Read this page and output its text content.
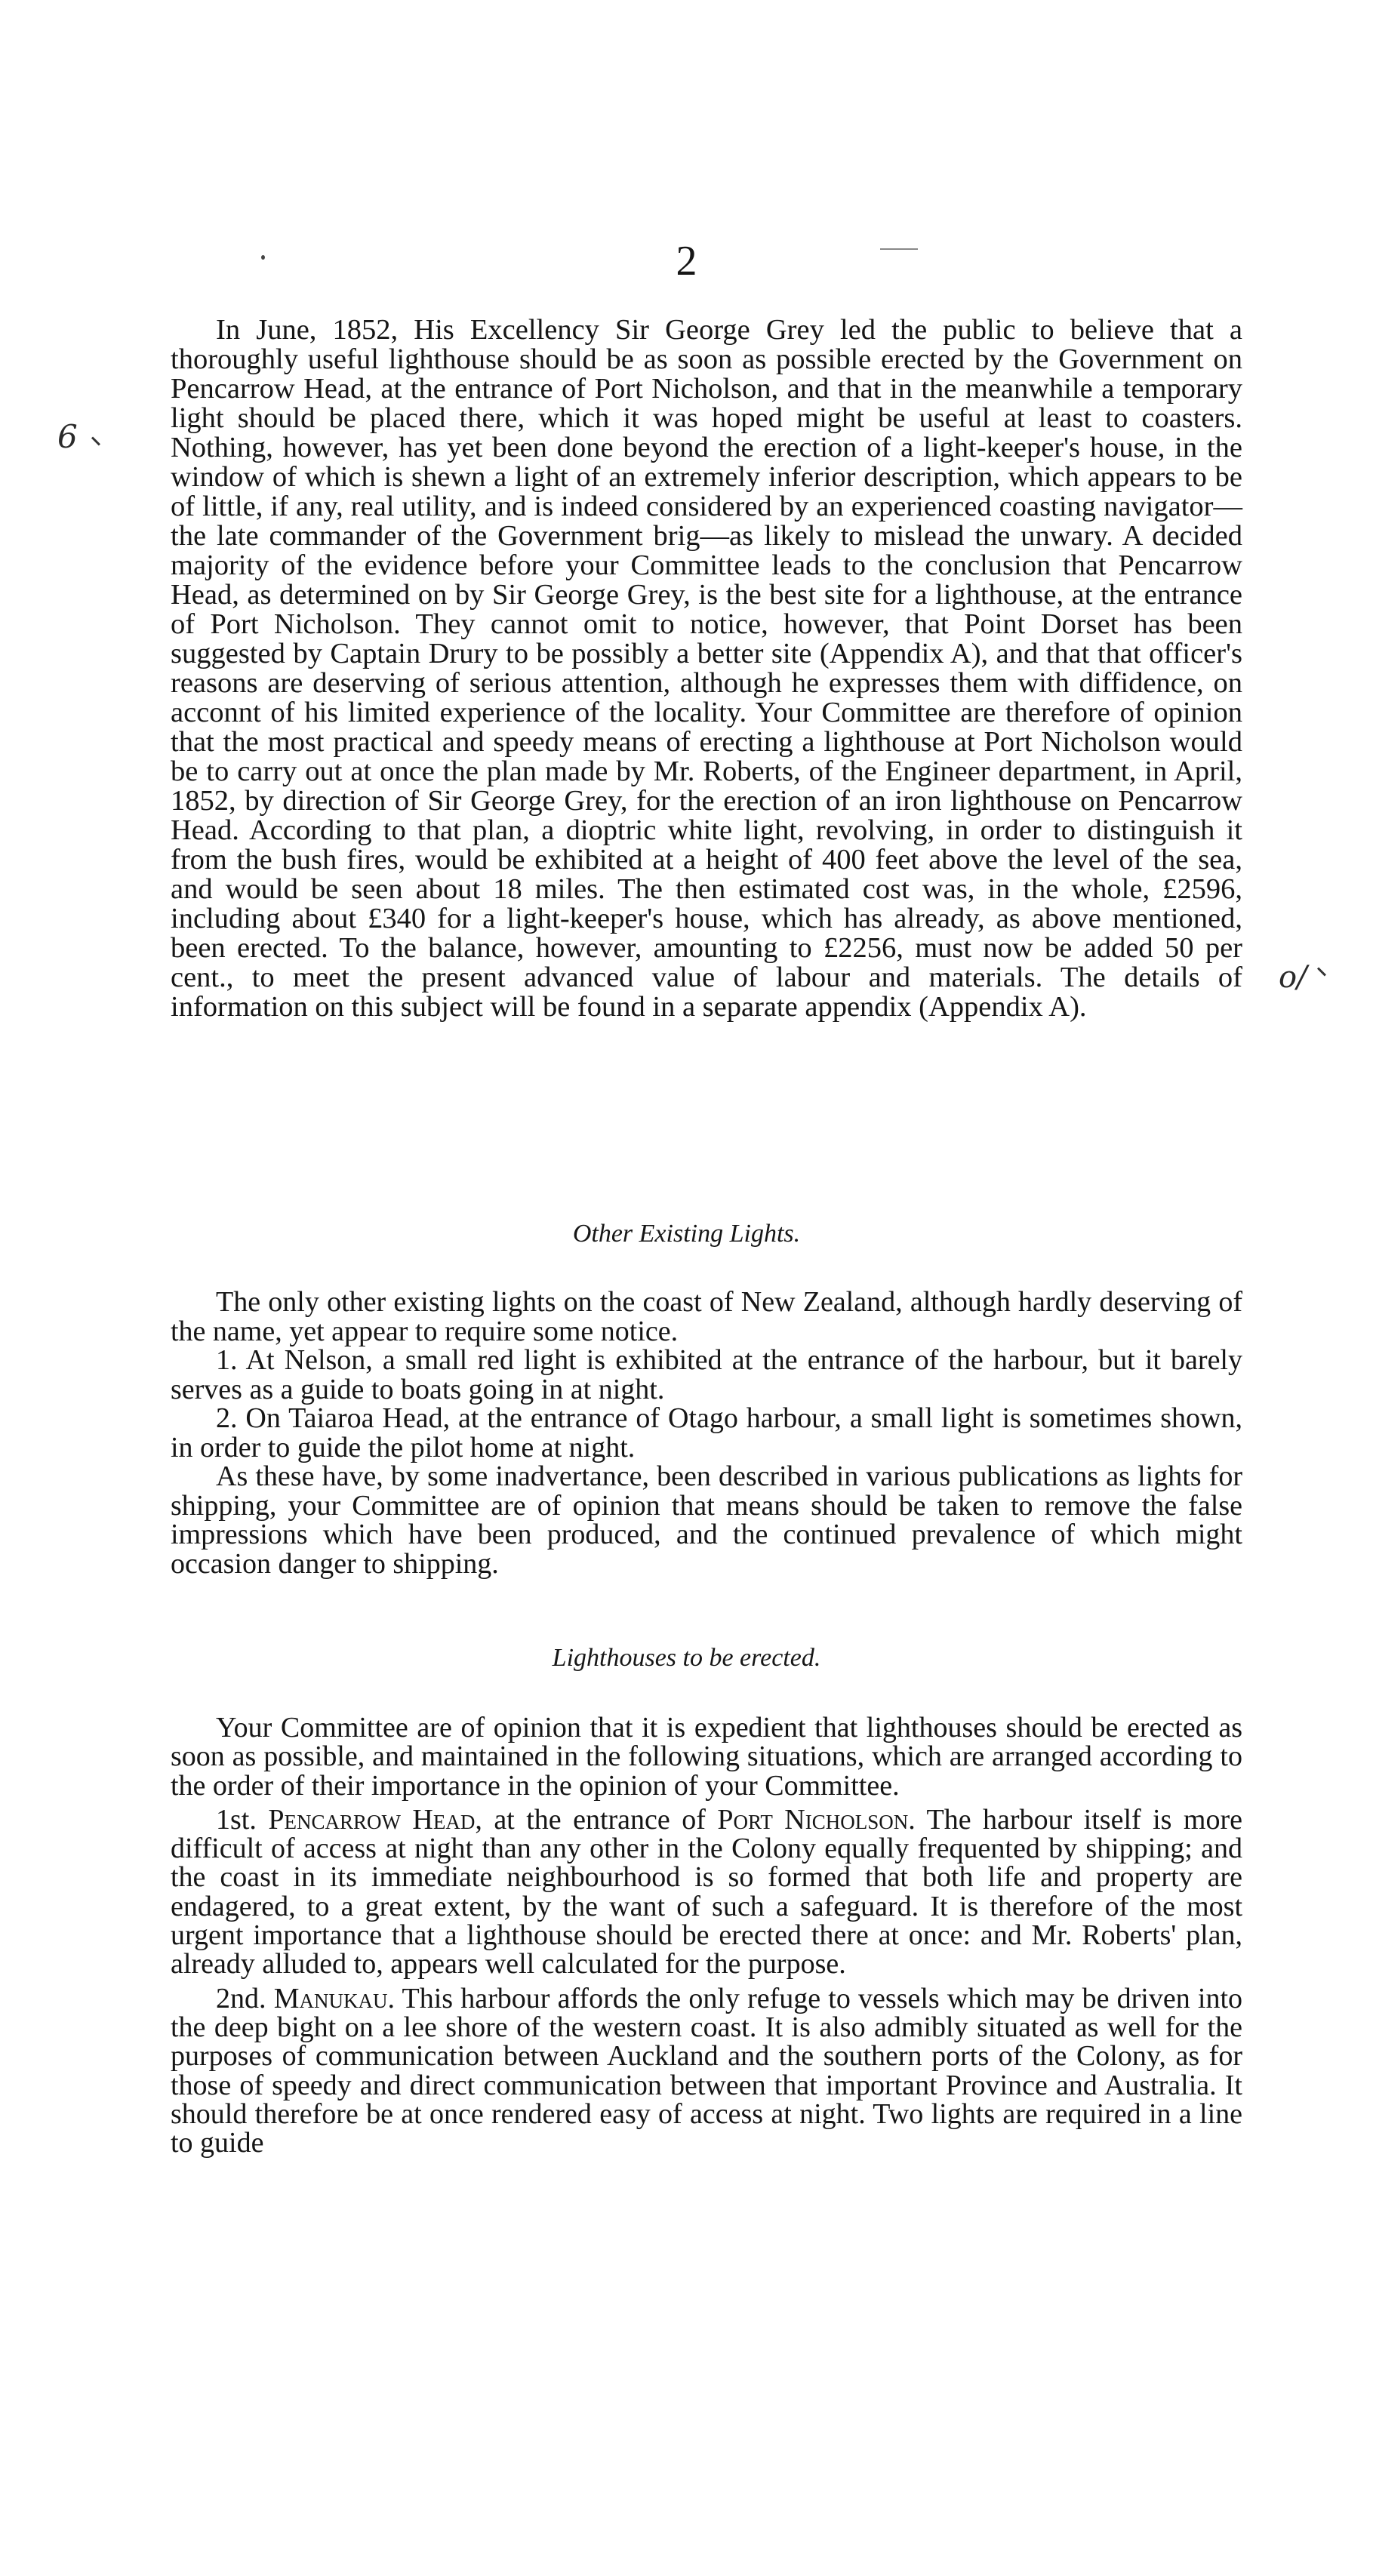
2
6
o/

In June, 1852, His Excellency Sir George Grey led the public to believe that a thoroughly useful lighthouse should be as soon as possible erected by the Government on Pencarrow Head, at the entrance of Port Nicholson, and that in the meanwhile a temporary light should be placed there, which it was hoped might be useful at least to coasters. Nothing, however, has yet been done beyond the erection of a light-keeper's house, in the window of which is shewn a light of an extremely inferior description, which appears to be of little, if any, real utility, and is indeed considered by an experienced coasting navigator—the late commander of the Government brig—as likely to mislead the unwary. A decided majority of the evidence before your Committee leads to the conclusion that Pencarrow Head, as determined on by Sir George Grey, is the best site for a lighthouse, at the entrance of Port Nicholson. They cannot omit to notice, however, that Point Dorset has been suggested by Captain Drury to be possibly a better site (Appendix A), and that that officer's reasons are deserving of serious attention, although he expresses them with diffidence, on acconnt of his limited experience of the locality. Your Committee are therefore of opinion that the most practical and speedy means of erecting a lighthouse at Port Nicholson would be to carry out at once the plan made by Mr. Roberts, of the Engineer department, in April, 1852, by direction of Sir George Grey, for the erection of an iron lighthouse on Pencarrow Head. According to that plan, a dioptric white light, revolving, in order to distinguish it from the bush fires, would be exhibited at a height of 400 feet above the level of the sea, and would be seen about 18 miles. The then estimated cost was, in the whole, £2596, including about £340 for a light-keeper's house, which has already, as above mentioned, been erected. To the balance, however, amounting to £2256, must now be added 50 per cent., to meet the present advanced value of labour and materials. The details of information on this subject will be found in a separate appendix (Appendix A).

Other Existing Lights.

The only other existing lights on the coast of New Zealand, although hardly deserving of the name, yet appear to require some notice.

1. At Nelson, a small red light is exhibited at the entrance of the harbour, but it barely serves as a guide to boats going in at night.

2. On Taiaroa Head, at the entrance of Otago harbour, a small light is sometimes shown, in order to guide the pilot home at night.

As these have, by some inadvertance, been described in various publications as lights for shipping, your Committee are of opinion that means should be taken to remove the false impressions which have been produced, and the continued prevalence of which might occasion danger to shipping.

Lighthouses to be erected.

Your Committee are of opinion that it is expedient that lighthouses should be erected as soon as possible, and maintained in the following situations, which are arranged according to the order of their importance in the opinion of your Committee.

1st. Pencarrow Head, at the entrance of Port Nicholson. The harbour itself is more difficult of access at night than any other in the Colony equally frequented by shipping; and the coast in its immediate neighbourhood is so formed that both life and property are endagered, to a great extent, by the want of such a safeguard. It is therefore of the most urgent importance that a lighthouse should be erected there at once: and Mr. Roberts' plan, already alluded to, appears well calculated for the purpose.

2nd. Manukau. This harbour affords the only refuge to vessels which may be driven into the deep bight on a lee shore of the western coast. It is also admibly situated as well for the purposes of communication between Auckland and the southern ports of the Colony, as for those of speedy and direct communication between that important Province and Australia. It should therefore be at once rendered easy of access at night. Two lights are required in a line to guide
